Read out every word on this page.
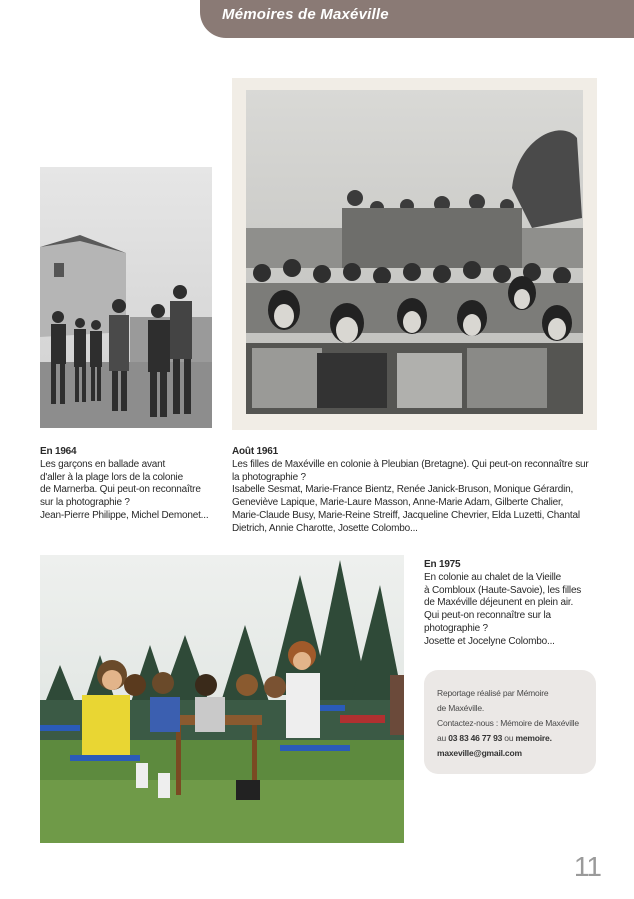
Mémoires de Maxéville
En 1964
Les garçons en ballade avant
d'aller à la plage lors de la colonie
de Marnerba. Qui peut-on reconnaître
sur la photographie ?
Jean-Pierre Philippe, Michel Demonet...
Août 1961
Les filles de Maxéville en colonie à Pleubian (Bretagne). Qui peut-on reconnaître sur
la photographie ?
Isabelle Sesmat, Marie-France Bientz, Renée Janick-Bruson, Monique Gérardin,
Geneviève Lapique, Marie-Laure Masson, Anne-Marie Adam, Gilberte Chalier,
Marie-Claude Busy, Marie-Reine Streiff, Jacqueline Chevrier, Elda Luzetti, Chantal
Dietrich, Annie Charotte, Josette Colombo...
En 1975
En colonie au chalet de la Vieille
à Combloux (Haute-Savoie), les filles
de Maxéville déjeunent en plein air.
Qui peut-on reconnaître sur la
photographie ?
Josette et Jocelyne Colombo...
Reportage réalisé par Mémoire
de Maxéville.
Contactez-nous : Mémoire de Maxéville
au 03 83 46 77 93 ou memoire.
maxeville@gmail.com
11
